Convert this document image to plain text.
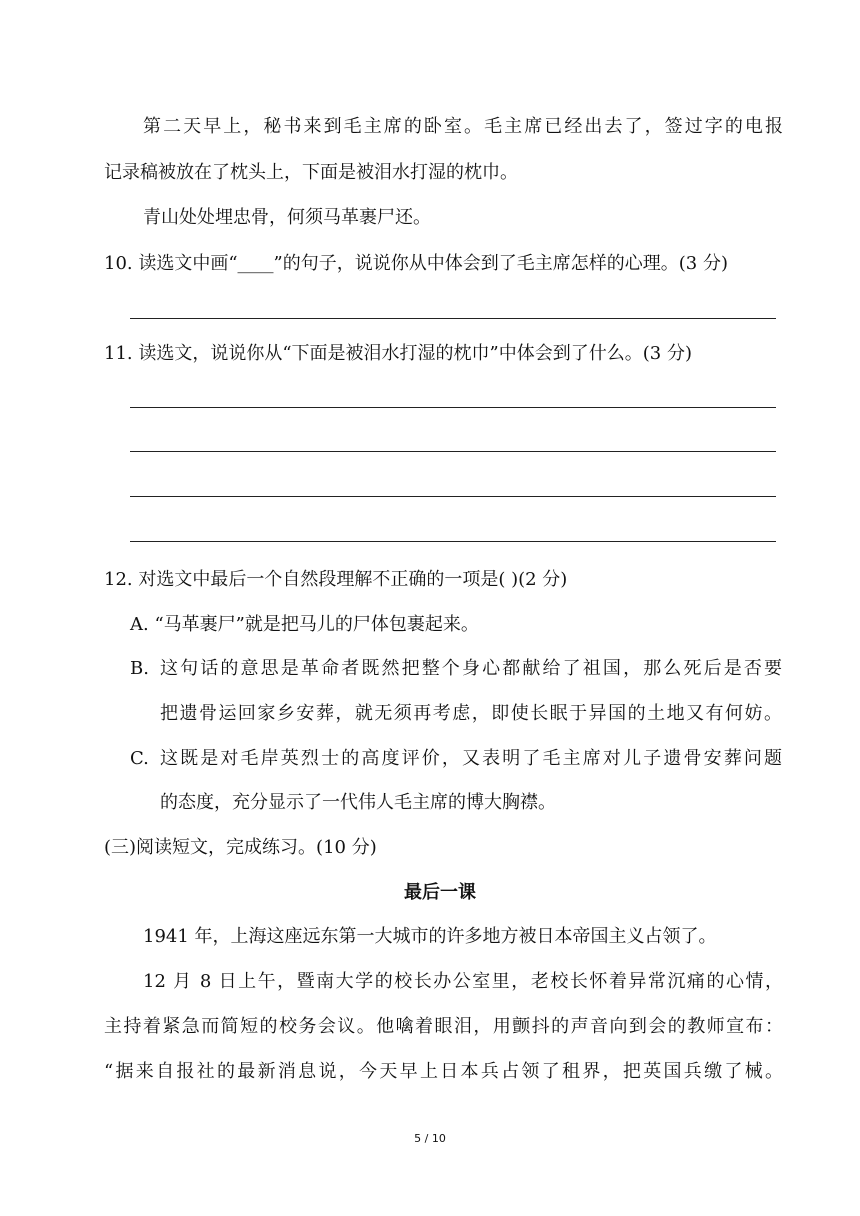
第二天早上，秘书来到毛主席的卧室。毛主席已经出去了，签过字的电报
记录稿被放在了枕头上，下面是被泪水打湿的枕巾。
青山处处埋忠骨，何须马革裹尸还。
10. 读选文中画“____”的句子，说说你从中体会到了毛主席怎样的心理。(3 分)
11. 读选文，说说你从“下面是被泪水打湿的枕巾”中体会到了什么。(3 分)
12. 对选文中最后一个自然段理解不正确的一项是( )(2 分)
A. “马革裹尸”就是把马儿的尸体包裹起来。
B. 这句话的意思是革命者既然把整个身心都献给了祖国，那么死后是否要
把遗骨运回家乡安葬，就无须再考虑，即使长眠于异国的土地又有何妨。
C. 这既是对毛岸英烈士的高度评价，又表明了毛主席对儿子遗骨安葬问题
的态度，充分显示了一代伟人毛主席的博大胸襟。
(三)阅读短文，完成练习。(10 分)
最后一课
1941 年，上海这座远东第一大城市的许多地方被日本帝国主义占领了。
12 月 8 日上午，暨南大学的校长办公室里，老校长怀着异常沉痛的心情，
主持着紧急而简短的校务会议。他噙着眼泪，用颤抖的声音向到会的教师宣布：
“据来自报社的最新消息说，今天早上日本兵占领了租界，把英国兵缴了械。
5 / 10
